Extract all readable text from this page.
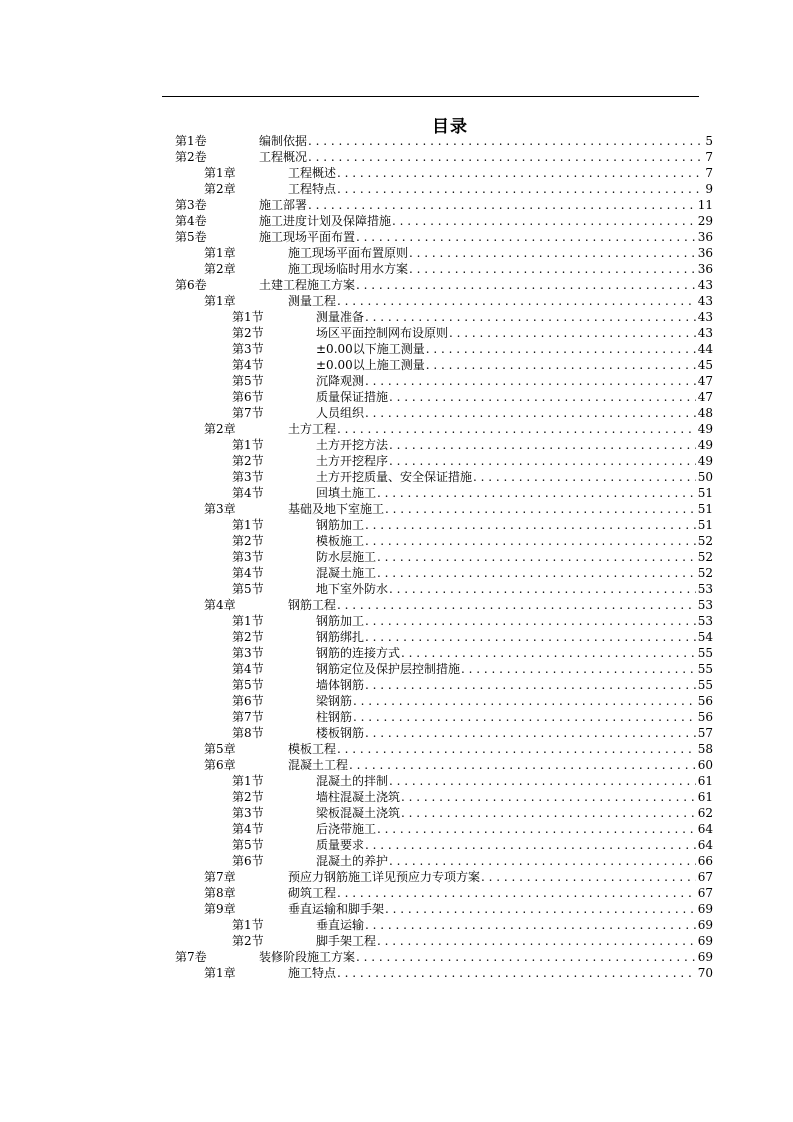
目录
第1卷	编制依据 . . .	5
第2卷	工程概况 . . .	7
第1章	工程概述 . . .	7
第2章	工程特点 . . .	9
第3卷	施工部署 . . .	11
第4卷	施工进度计划及保障措施 . . .	29
第5卷	施工现场平面布置 . . .	36
第1章	施工现场平面布置原则 . . .	36
第2章	施工现场临时用水方案 . . .	36
第6卷	土建工程施工方案 . . .	43
第1章	测量工程 . . .	43
第1节	测量准备 . . .	43
第2节	场区平面控制网布设原则 . . .	43
第3节	±0.00以下施工测量 . . .	44
第4节	±0.00以上施工测量 . . .	45
第5节	沉降观测 . . .	47
第6节	质量保证措施 . . .	47
第7节	人员组织 . . .	48
第2章	土方工程 . . .	49
第1节	土方开挖方法 . . .	49
第2节	土方开挖程序 . . .	49
第3节	土方开挖质量、安全保证措施 . . .	50
第4节	回填土施工 . . .	51
第3章	基础及地下室施工 . . .	51
第1节	钢筋加工 . . .	51
第2节	模板施工 . . .	52
第3节	防水层施工 . . .	52
第4节	混凝土施工 . . .	52
第5节	地下室外防水 . . .	53
第4章	钢筋工程 . . .	53
第1节	钢筋加工 . . .	53
第2节	钢筋绑扎 . . .	54
第3节	钢筋的连接方式 . . .	55
第4节	钢筋定位及保护层控制措施 . . .	55
第5节	墙体钢筋 . . .	55
第6节	梁钢筋 . . .	56
第7节	柱钢筋 . . .	56
第8节	楼板钢筋 . . .	57
第5章	模板工程 . . .	58
第6章	混凝土工程 . . .	60
第1节	混凝土的拌制 . . .	61
第2节	墙柱混凝土浇筑 . . .	61
第3节	梁板混凝土浇筑 . . .	62
第4节	后浇带施工 . . .	64
第5节	质量要求 . . .	64
第6节	混凝土的养护 . . .	66
第7章	预应力钢筋施工详见预应力专项方案 . . .	67
第8章	砌筑工程 . . .	67
第9章	垂直运输和脚手架 . . .	69
第1节	垂直运输 . . .	69
第2节	脚手架工程 . . .	69
第7卷	装修阶段施工方案 . . .	69
第1章	施工特点 . . .	70
